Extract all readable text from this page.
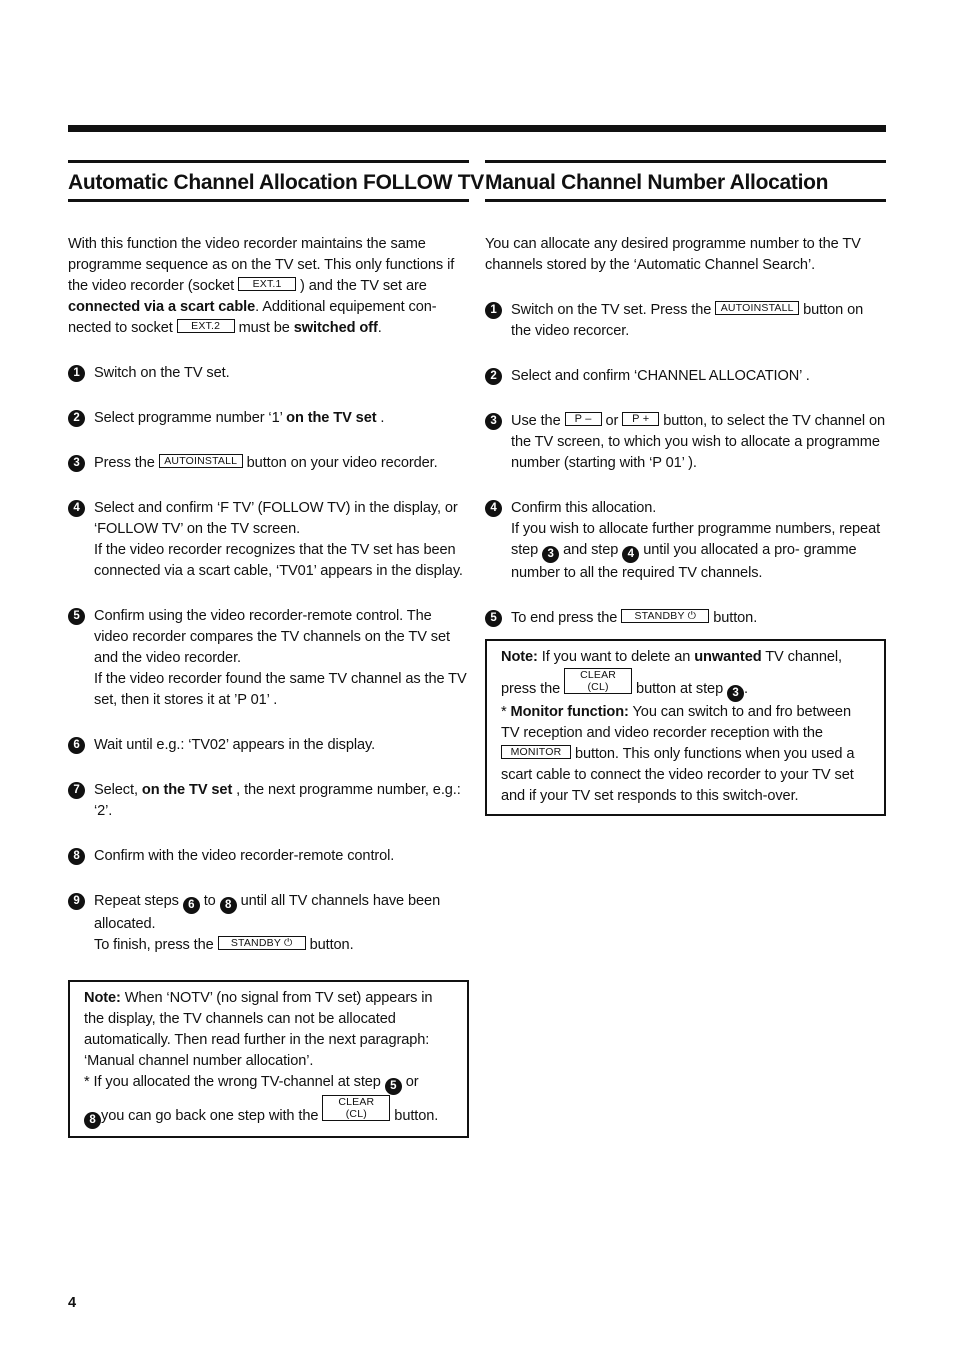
Automatic Channel Allocation FOLLOW TV
With this function the video recorder maintains the same programme sequence as on the TV set. This only functions if the video recorder (socket EXT.1 ) and the TV set are connected via a scart cable. Additional equipement con- nected to socket EXT.2 must be switched off.
1 Switch on the TV set.
2 Select programme number ‘1’ on the TV set .
3 Press the AUTOINSTALL button on your video recorder.
4 Select and confirm ‘F TV’ (FOLLOW TV) in the display, or ‘FOLLOW TV’ on the TV screen.
If the video recorder recognizes that the TV set has been connected via a scart cable, ‘TV01’ appears in the display.
5 Confirm using the video recorder-remote control. The video recorder compares the TV channels on the TV set and the video recorder.
If the video recorder found the same TV channel as the TV set, then it stores it at ’P 01’ .
6 Wait until e.g.: ‘TV02’ appears in the display.
7 Select, on the TV set , the next programme number, e.g.: ‘2’.
8 Confirm with the video recorder-remote control.
9 Repeat steps 6 to 8 until all TV channels have been allocated.
To finish, press the STANDBY ⏻ button.
Note: When ‘NOTV’ (no signal from TV set) appears in the display, the TV channels can not be allocated automatically. Then read further in the next paragraph: ‘Manual channel number allocation’.
* If you allocated the wrong TV-channel at step 5 or
8 you can go back one step with the CLEAR (CL) button.
Manual Channel Number Allocation
You can allocate any desired programme number to the TV channels stored by the ‘Automatic Channel Search’.
1 Switch on the TV set. Press the AUTOINSTALL button on the video recorcer.
2 Select and confirm ‘CHANNEL ALLOCATION’ .
3 Use the P – or P + button, to select the TV channel on the TV screen, to which you wish to allocate a programme number (starting with ‘P 01’ ).
4 Confirm this allocation.
If you wish to allocate further programme numbers, repeat step 3 and step 4 until you allocated a pro- gramme number to all the required TV channels.
5 To end press the STANDBY ⏻ button.
Note: If you want to delete an unwanted TV channel, press the CLEAR (CL) button at step 3 .
* Monitor function: You can switch to and fro between TV reception and video recorder reception with the MONITOR button. This only functions when you used a scart cable to connect the video recorder to your TV set and if your TV set responds to this switch-over.
4
